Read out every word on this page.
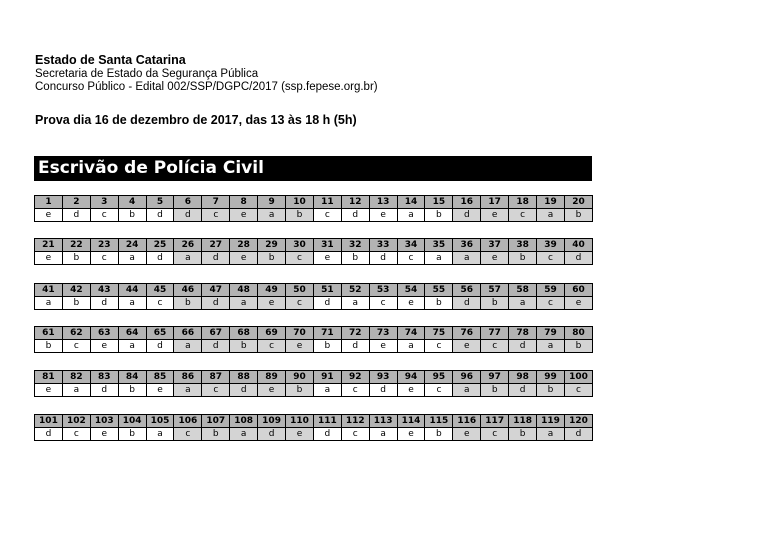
Estado de Santa Catarina
Secretaria de Estado da Segurança Pública
Concurso Público - Edital 002/SSP/DGPC/2017 (ssp.fepese.org.br)
Prova dia 16 de dezembro de 2017, das 13 às 18 h (5h)
Escrivão de Polícia Civil
1	2	3	4	5	6	7	8	9	10	11	12	13	14	15	16	17	18	19	20
e	d	c	b	d	d	c	e	a	b	c	d	e	a	b	d	e	c	a	b
21	22	23	24	25	26	27	28	29	30	31	32	33	34	35	36	37	38	39	40
e	b	c	a	d	a	d	e	b	c	e	b	d	c	a	a	e	b	c	d
41	42	43	44	45	46	47	48	49	50	51	52	53	54	55	56	57	58	59	60
a	b	d	a	c	b	d	a	e	c	d	a	c	e	b	d	b	a	c	e
61	62	63	64	65	66	67	68	69	70	71	72	73	74	75	76	77	78	79	80
b	c	e	a	d	a	d	b	c	e	b	d	e	a	c	e	c	d	a	b
81	82	83	84	85	86	87	88	89	90	91	92	93	94	95	96	97	98	99	100
e	a	d	b	e	a	c	d	e	b	a	c	d	e	c	a	b	d	b	c
101	102	103	104	105	106	107	108	109	110	111	112	113	114	115	116	117	118	119	120
d	c	e	b	a	c	b	a	d	e	d	c	a	e	b	e	c	b	a	d
